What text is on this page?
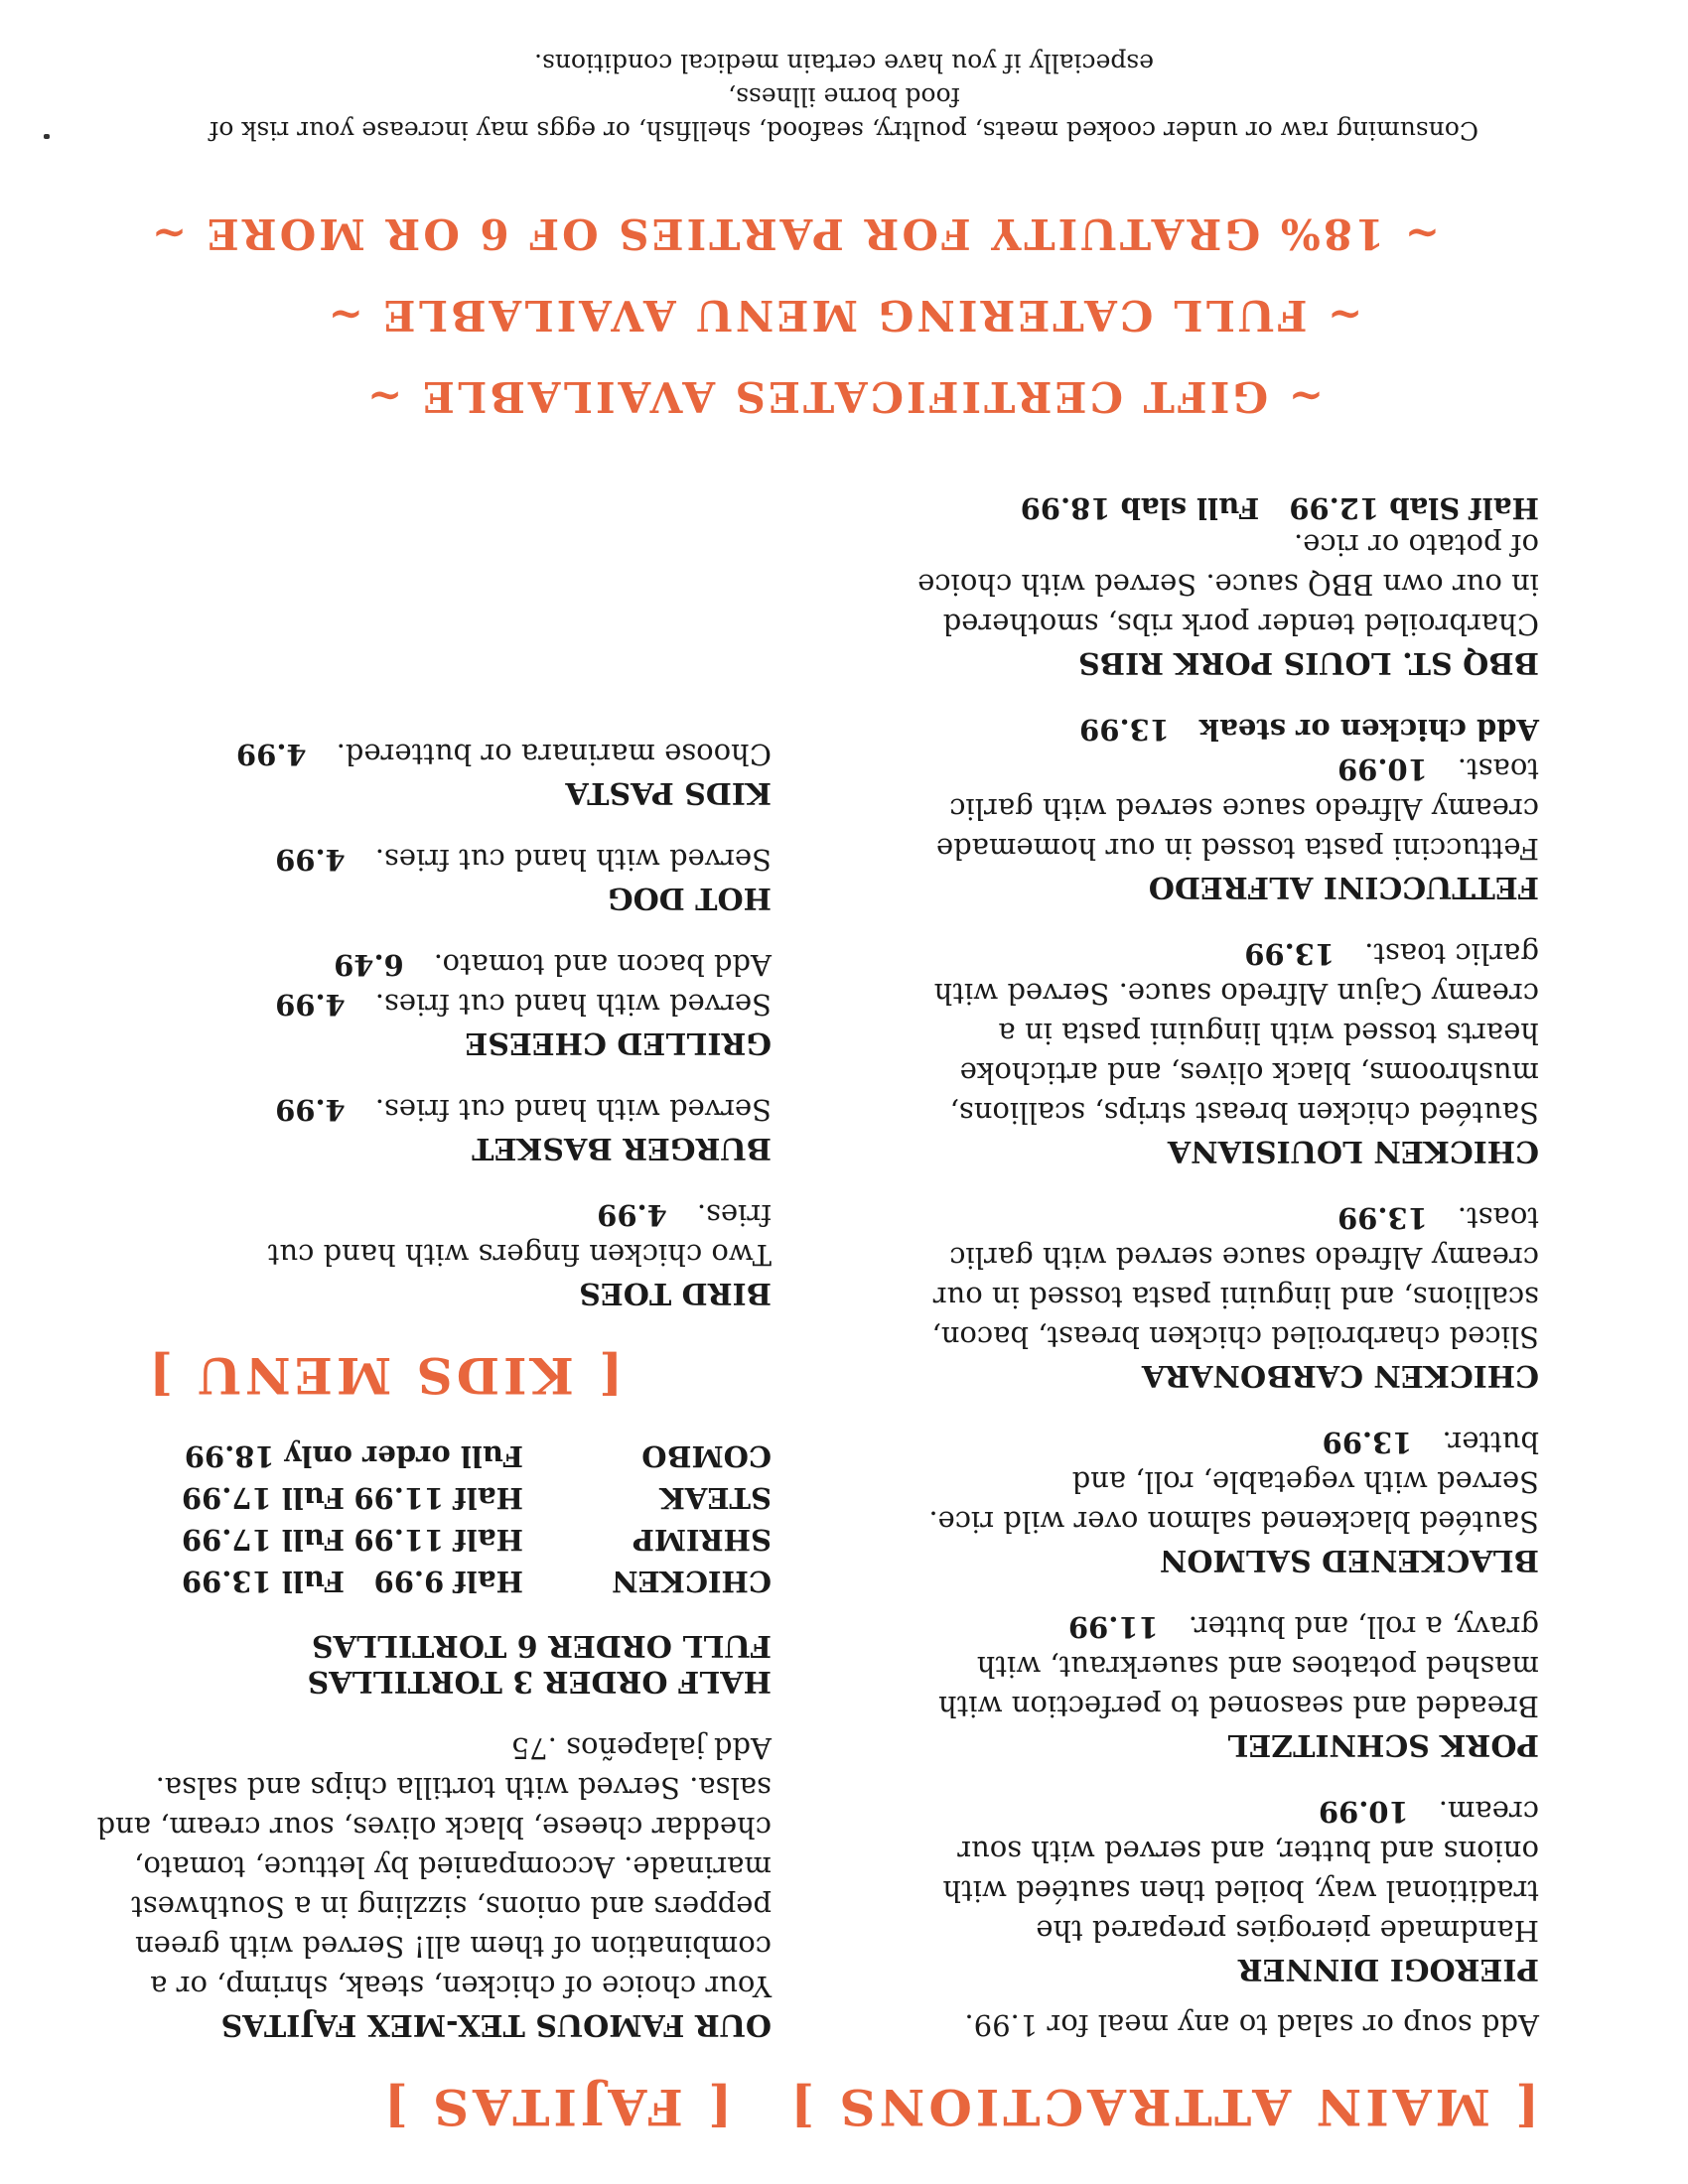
[ MAIN ATTRACTIONS ]
Add soup or salad to any meal for 1.99.
PIEROGI DINNER
Handmade pierogies prepared the traditional way, boiled then sautéed with onions and butter, and served with sour cream.10.99
PORK SCHNITZEL
Breaded and seasoned to perfection with mashed potatoes and sauerkraut, with gravy, a roll, and butter.11.99
BLACKENED SALMON
Sautéed blackened salmon over wild rice. Served with vegetable, roll, and butter.13.99
CHICKEN CARBONARA
Sliced charbroiled chicken breast, bacon, scallions, and linguini pasta tossed in our creamy Alfredo sauce served with garlic toast.13.99
CHICKEN LOUISIANA
Sautéed chicken breast strips, scallions, mushrooms, black olives, and artichoke hearts tossed with linguini pasta in a creamy Cajun Alfredo sauce. Served with garlic toast.13.99
FETTUCCINI ALFREDO
Fettuccini pasta tossed in our homemade creamy Alfredo sauce served with garlic toast.10.99
Add chicken or steak13.99
BBQ ST. LOUIS PORK RIBS
Charbroiled tender pork ribs, smothered in our own BBQ sauce. Served with choice of potato or rice.
Half Slab 12.99
Full slab 18.99
[ FAJITAS ]
OUR FAMOUS TEX-MEX FAJITAS
Your choice of chicken, steak, shrimp, or a combination of them all! Served with green peppers and onions, sizzling in a Southwest marinade. Accompanied by lettuce, tomato, cheddar cheese, black olives, sour cream, and salsa. Served with tortilla chips and salsa.
Add jalapeños .75
HALF ORDER 3 TORTILLAS
FULL ORDER 6 TORTILLAS
CHICKEN
Half 9.99
Full 13.99
SHRIMP
Half 11.99
Full 17.99
STEAK
Half 11.99
Full 17.99
COMBO
Full order only 18.99
[ KIDS MENU ]
BIRD TOES
Two chicken fingers with hand cut fries.4.99
BURGER BASKET
Served with hand cut fries.4.99
GRILLED CHEESE
Served with hand cut fries.4.99
Add bacon and tomato.6.49
HOT DOG
Served with hand cut fries.4.99
KIDS PASTA
Choose marinara or buttered.4.99
~ GIFT CERTIFICATES AVAILABLE ~
~ FULL CATERING MENU AVAILABLE ~
~ 18% GRATUITY FOR PARTIES OF 6 OR MORE ~
Consuming raw or under cooked meats, poultry, seafood, shellfish, or eggs may increase your risk of food borne illness,
especially if you have certain medical conditions.
